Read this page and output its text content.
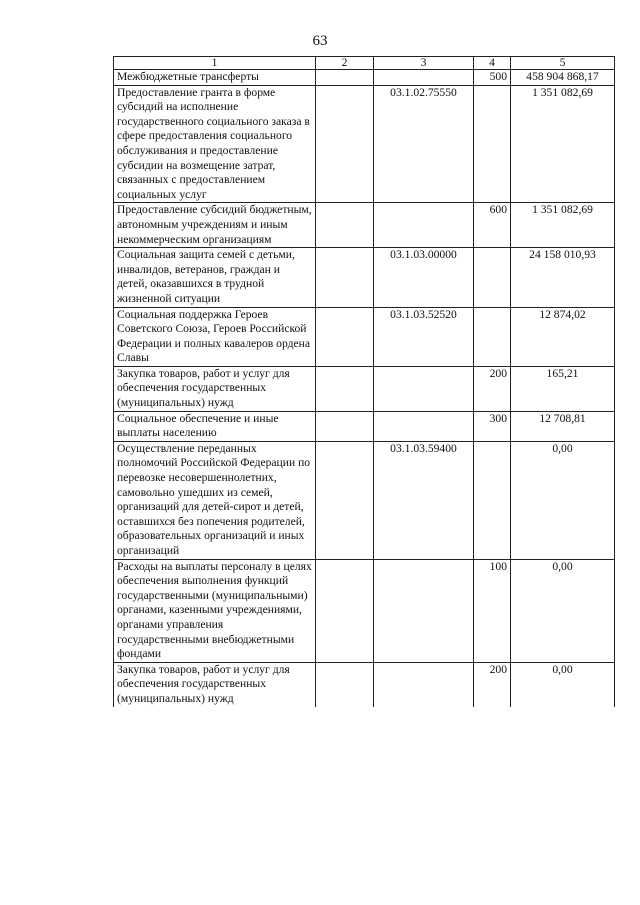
63
1	2	3	4	5
Межбюджетные трансферты			500	458 904 868,17
Предоставление гранта в форме субсидий на исполнение государственного социального заказа в сфере предоставления социального обслуживания и предоставление субсидии на возмещение затрат, связанных с предоставлением социальных услуг		03.1.02.75550		1 351 082,69
Предоставление субсидий бюджетным, автономным учреждениям и иным некоммерческим организациям			600	1 351 082,69
Социальная защита семей с детьми, инвалидов, ветеранов, граждан и детей, оказавшихся в трудной жизненной ситуации		03.1.03.00000		24 158 010,93
Социальная поддержка Героев Советского Союза, Героев Российской Федерации и полных кавалеров ордена Славы		03.1.03.52520		12 874,02
Закупка товаров, работ и услуг для обеспечения государственных (муниципальных) нужд			200	165,21
Социальное обеспечение и иные выплаты населению			300	12 708,81
Осуществление переданных полномочий Российской Федерации по перевозке несовершеннолетних, самовольно ушедших из семей, организаций для детей-сирот и детей, оставшихся без попечения родителей, образовательных организаций и иных организаций		03.1.03.59400		0,00
Расходы на выплаты персоналу в целях обеспечения выполнения функций государственными (муниципальными) органами, казенными учреждениями, органами управления государственными внебюджетными фондами			100	0,00
Закупка товаров, работ и услуг для обеспечения государственных (муниципальных) нужд			200	0,00
